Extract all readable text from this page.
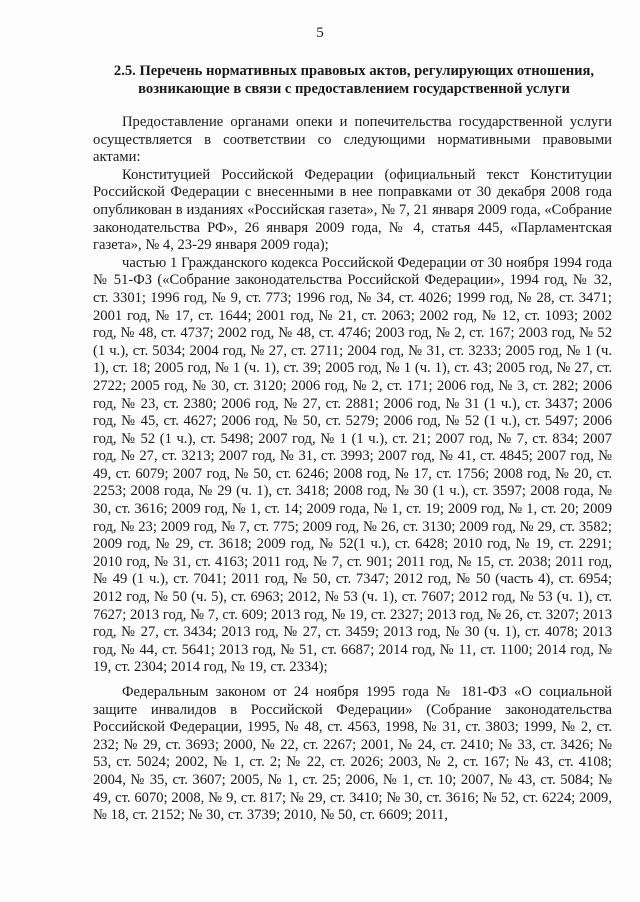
5
2.5. Перечень нормативных правовых актов, регулирующих отношения, возникающие в связи с предоставлением государственной услуги

Предоставление органами опеки и попечительства государственной услуги осуществляется в соответствии со следующими нормативными правовыми актами:

Конституцией Российской Федерации (официальный текст Конституции Российской Федерации с внесенными в нее поправками от 30 декабря 2008 года опубликован в изданиях «Российская газета», № 7, 21 января 2009 года, «Собрание законодательства РФ», 26 января 2009 года, № 4, статья 445, «Парламентская газета», № 4, 23-29 января 2009 года);

частью 1 Гражданского кодекса Российской Федерации от 30 ноября 1994 года № 51-ФЗ («Собрание законодательства Российской Федерации», 1994 год, № 32, ст. 3301; 1996 год, № 9, ст. 773; 1996 год, № 34, ст. 4026; 1999 год, № 28, ст. 3471; 2001 год, № 17, ст. 1644; 2001 год, № 21, ст. 2063; 2002 год, № 12, ст. 1093; 2002 год, № 48, ст. 4737; 2002 год, № 48, ст. 4746; 2003 год, № 2, ст. 167; 2003 год, № 52 (1 ч.), ст. 5034; 2004 год, № 27, ст. 2711; 2004 год, № 31, ст. 3233; 2005 год, № 1 (ч. 1), ст. 18; 2005 год, № 1 (ч. 1), ст. 39; 2005 год, № 1 (ч. 1), ст. 43; 2005 год, № 27, ст. 2722; 2005 год, № 30, ст. 3120; 2006 год, № 2, ст. 171; 2006 год, № 3, ст. 282; 2006 год, № 23, ст. 2380; 2006 год, № 27, ст. 2881; 2006 год, № 31 (1 ч.), ст. 3437; 2006 год, № 45, ст. 4627; 2006 год, № 50, ст. 5279; 2006 год, № 52 (1 ч.), ст. 5497; 2006 год, № 52 (1 ч.), ст. 5498; 2007 год, № 1 (1 ч.), ст. 21; 2007 год, № 7, ст. 834; 2007 год, № 27, ст. 3213; 2007 год, № 31, ст. 3993; 2007 год, № 41, ст. 4845; 2007 год, № 49, ст. 6079; 2007 год, № 50, ст. 6246; 2008 год, № 17, ст. 1756; 2008 год, № 20, ст. 2253; 2008 года, № 29 (ч. 1), ст. 3418; 2008 год, № 30 (1 ч.), ст. 3597; 2008 года, № 30, ст. 3616; 2009 год, № 1, ст. 14; 2009 года, № 1, ст. 19; 2009 год, № 1, ст. 20; 2009 год, № 23; 2009 год, № 7, ст. 775; 2009 год, № 26, ст. 3130; 2009 год, № 29, ст. 3582; 2009 год, № 29, ст. 3618; 2009 год, № 52(1 ч.), ст. 6428; 2010 год, № 19, ст. 2291; 2010 год, № 31, ст. 4163; 2011 год, № 7, ст. 901; 2011 год, № 15, ст. 2038; 2011 год, № 49 (1 ч.), ст. 7041; 2011 год, № 50, ст. 7347; 2012 год, № 50 (часть 4), ст. 6954; 2012 год, № 50 (ч. 5), ст. 6963; 2012, № 53 (ч. 1), ст. 7607; 2012 год, № 53 (ч. 1), ст. 7627; 2013 год, № 7, ст. 609; 2013 год, № 19, ст. 2327; 2013 год, № 26, ст. 3207; 2013 год, № 27, ст. 3434; 2013 год, № 27, ст. 3459; 2013 год, № 30 (ч. 1), ст. 4078; 2013 год, № 44, ст. 5641; 2013 год, № 51, ст. 6687; 2014 год, № 11, ст. 1100; 2014 год, № 19, ст. 2304; 2014 год, № 19, ст. 2334);

Федеральным законом от 24 ноября 1995 года № 181-ФЗ «О социальной защите инвалидов в Российской Федерации» (Собрание законодательства Российской Федерации, 1995, № 48, ст. 4563, 1998, № 31, ст. 3803; 1999, № 2, ст. 232; № 29, ст. 3693; 2000, № 22, ст. 2267; 2001, № 24, ст. 2410; № 33, ст. 3426; № 53, ст. 5024; 2002, № 1, ст. 2; № 22, ст. 2026; 2003, № 2, ст. 167; № 43, ст. 4108; 2004, № 35, ст. 3607; 2005, № 1, ст. 25; 2006, № 1, ст. 10; 2007, № 43, ст. 5084; № 49, ст. 6070; 2008, № 9, ст. 817; № 29, ст. 3410; № 30, ст. 3616; № 52, ст. 6224; 2009, № 18, ст. 2152; № 30, ст. 3739; 2010, № 50, ст. 6609; 2011,
